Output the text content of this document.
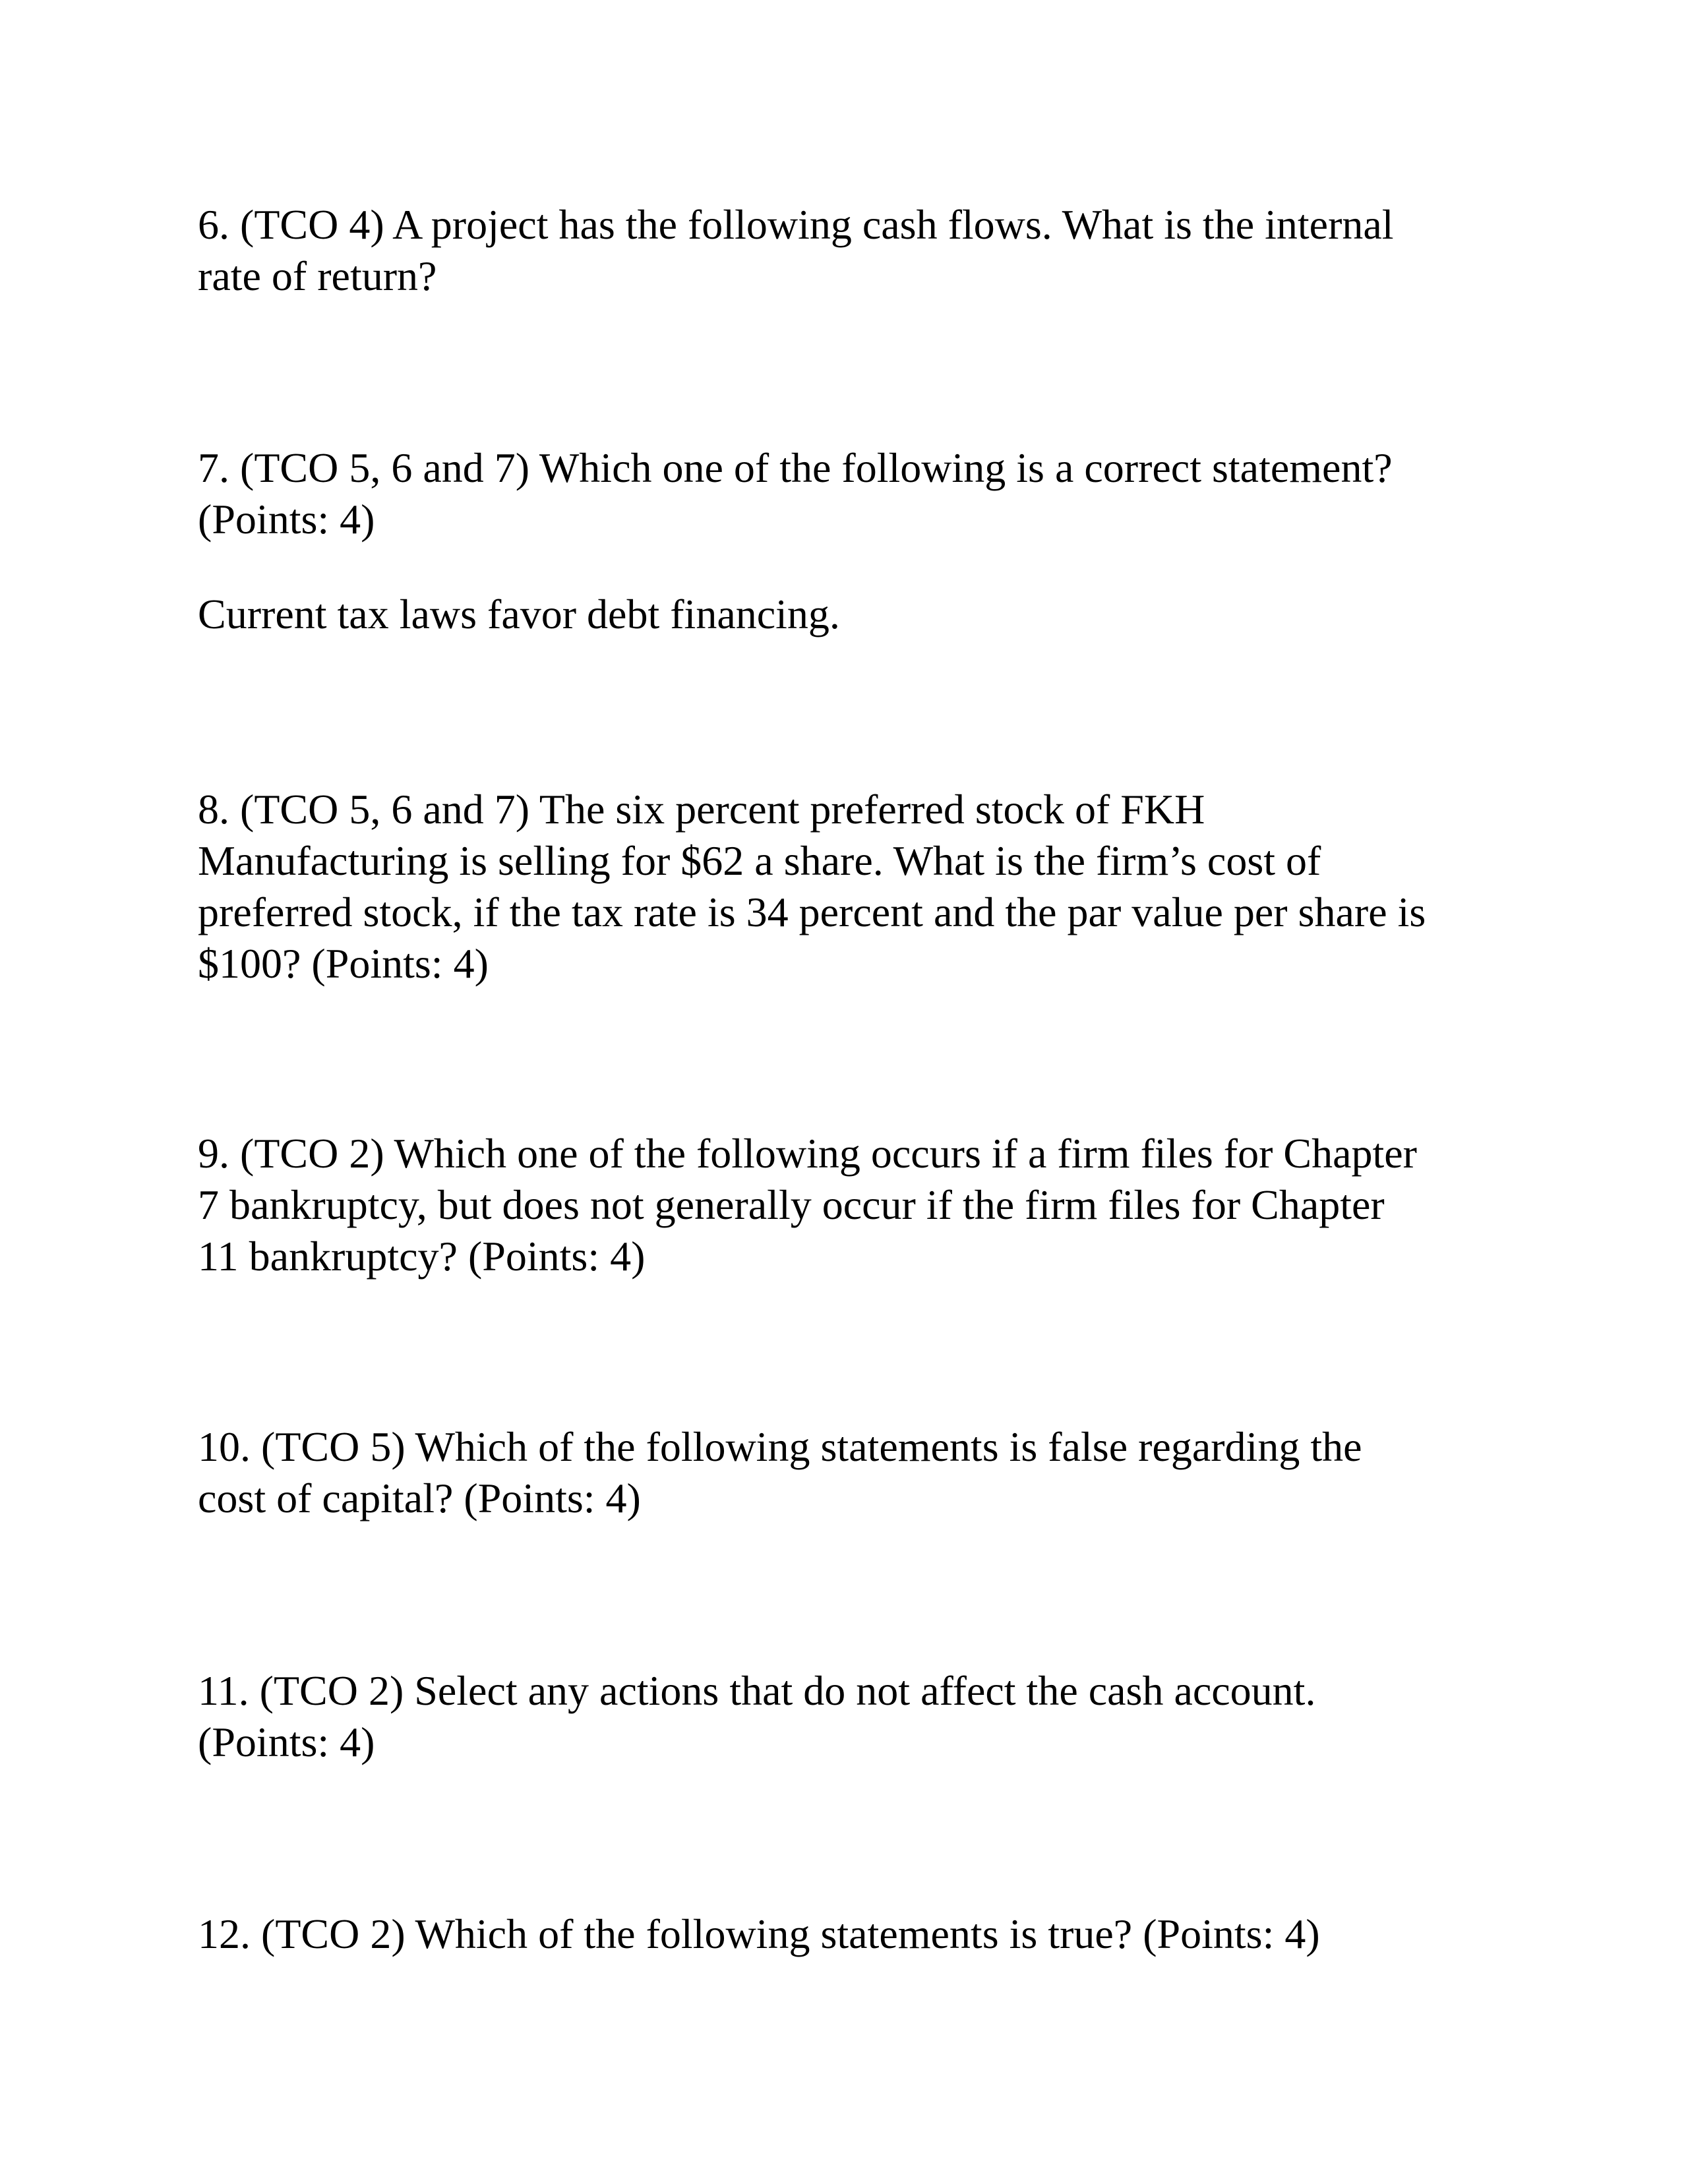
6. (TCO 4) A project has the following cash flows. What is the internal
rate of return?

7. (TCO 5, 6 and 7) Which one of the following is a correct statement?
(Points: 4)

Current tax laws favor debt financing.

8. (TCO 5, 6 and 7) The six percent preferred stock of FKH
Manufacturing is selling for $62 a share. What is the firm’s cost of
preferred stock, if the tax rate is 34 percent and the par value per share is
$100? (Points: 4)

9. (TCO 2) Which one of the following occurs if a firm files for Chapter
7 bankruptcy, but does not generally occur if the firm files for Chapter
11 bankruptcy? (Points: 4)

10. (TCO 5) Which of the following statements is false regarding the
cost of capital? (Points: 4)

11. (TCO 2) Select any actions that do not affect the cash account.
(Points: 4)

12. (TCO 2) Which of the following statements is true? (Points: 4)
